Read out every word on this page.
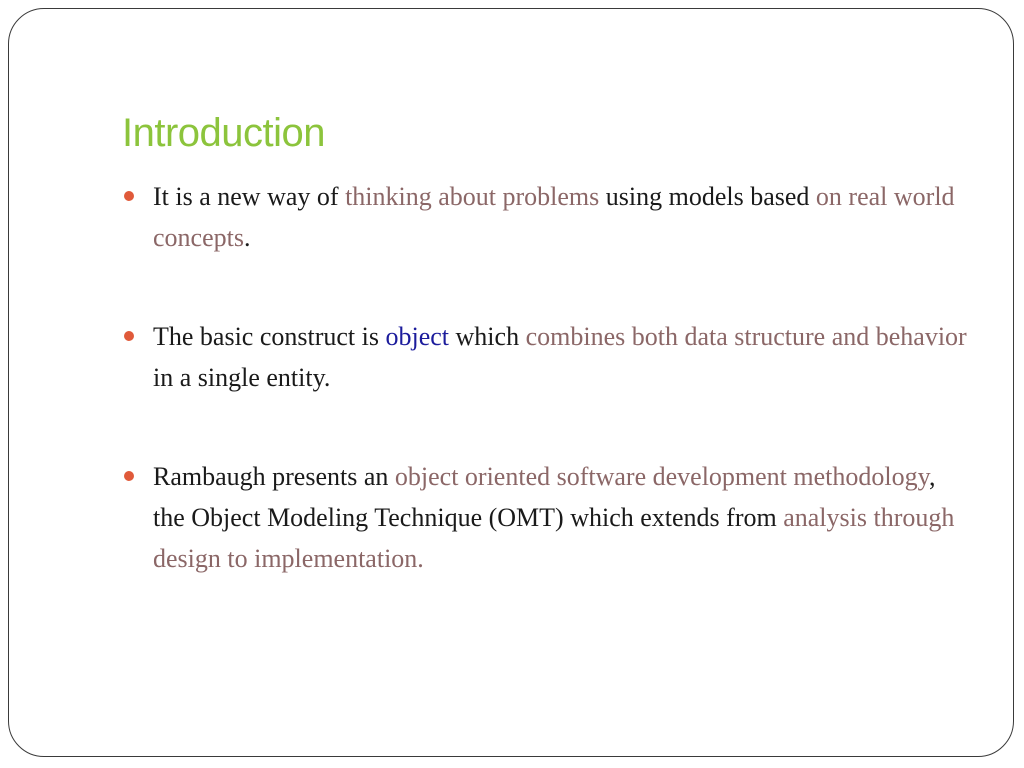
Introduction
It is a new way of thinking about problems using models based on real world concepts.
The basic construct is object which combines both data structure and behavior in a single entity.
Rambaugh presents an object oriented software development methodology, the Object Modeling Technique (OMT) which extends from analysis through design to implementation.
